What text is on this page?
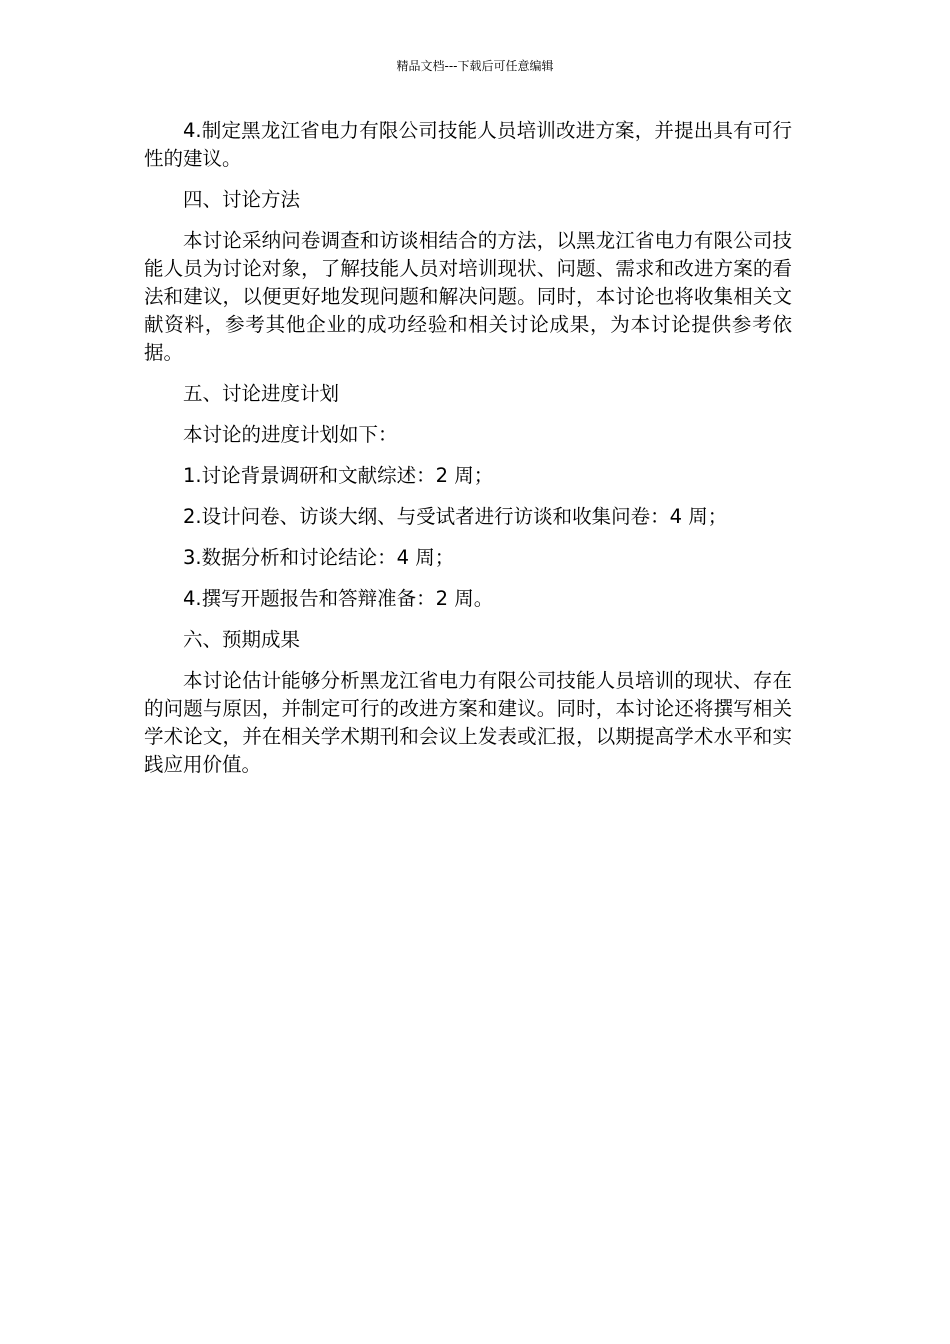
精品文档---下载后可任意编辑

4.制定黑龙江省电力有限公司技能人员培训改进方案，并提出具有可行性的建议。

四、讨论方法

本讨论采纳问卷调查和访谈相结合的方法，以黑龙江省电力有限公司技能人员为讨论对象，了解技能人员对培训现状、问题、需求和改进方案的看法和建议，以便更好地发现问题和解决问题。同时，本讨论也将收集相关文献资料，参考其他企业的成功经验和相关讨论成果，为本讨论提供参考依据。

五、讨论进度计划

本讨论的进度计划如下：

1.讨论背景调研和文献综述：2 周；

2.设计问卷、访谈大纲、与受试者进行访谈和收集问卷：4 周；

3.数据分析和讨论结论：4 周；

4.撰写开题报告和答辩准备：2 周。

六、预期成果

本讨论估计能够分析黑龙江省电力有限公司技能人员培训的现状、存在的问题与原因，并制定可行的改进方案和建议。同时，本讨论还将撰写相关学术论文，并在相关学术期刊和会议上发表或汇报，以期提高学术水平和实践应用价值。
